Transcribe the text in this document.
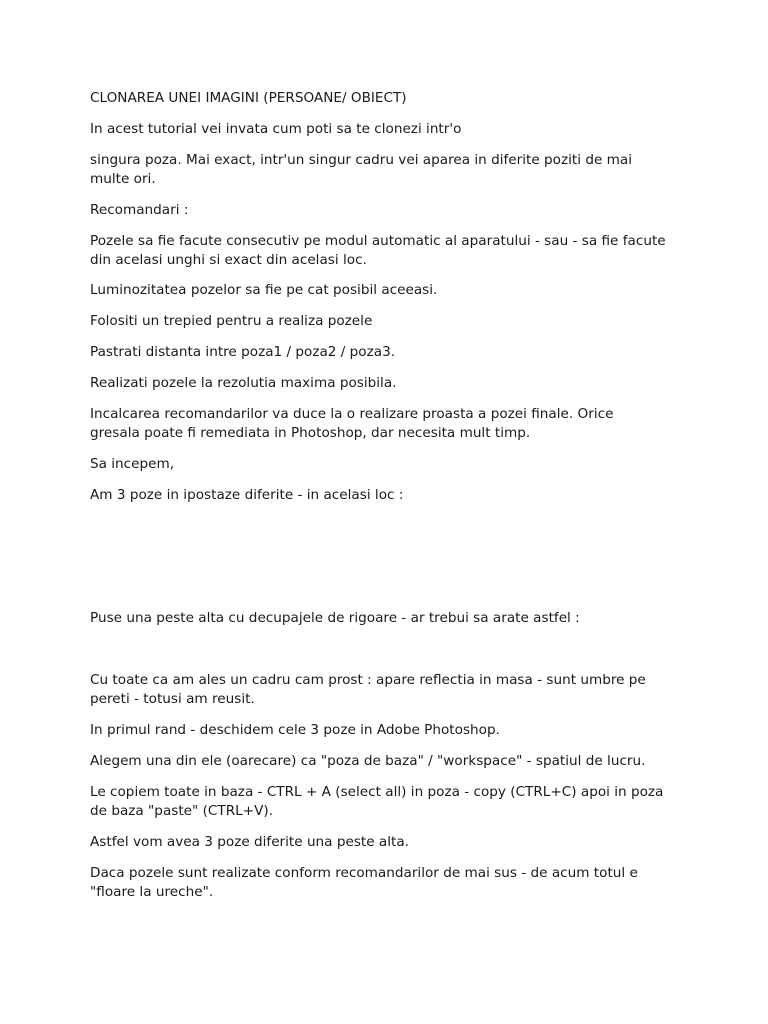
CLONAREA UNEI IMAGINI (PERSOANE/ OBIECT)
In acest tutorial vei invata cum poti sa te clonezi intr'o
singura poza. Mai exact, intr'un singur cadru vei aparea in diferite poziti de mai
multe ori.
Recomandari :
Pozele sa fie facute consecutiv pe modul automatic al aparatului - sau - sa fie facute
din acelasi unghi si exact din acelasi loc.
Luminozitatea pozelor sa fie pe cat posibil aceeasi.
Folositi un trepied pentru a realiza pozele
Pastrati distanta intre poza1 / poza2 / poza3.
Realizati pozele la rezolutia maxima posibila.
Incalcarea recomandarilor va duce la o realizare proasta a pozei finale. Orice
gresala poate fi remediata in Photoshop, dar necesita mult timp.
Sa incepem,
Am 3 poze in ipostaze diferite - in acelasi loc :
Puse una peste alta cu decupajele de rigoare - ar trebui sa arate astfel :
Cu toate ca am ales un cadru cam prost : apare reflectia in masa - sunt umbre pe
pereti - totusi am reusit.
In primul rand - deschidem cele 3 poze in Adobe Photoshop.
Alegem una din ele (oarecare) ca "poza de baza" / "workspace" - spatiul de lucru.
Le copiem toate in baza - CTRL + A (select all) in poza - copy (CTRL+C) apoi in poza
de baza "paste" (CTRL+V).
Astfel vom avea 3 poze diferite una peste alta.
Daca pozele sunt realizate conform recomandarilor de mai sus - de acum totul e
"floare la ureche".
